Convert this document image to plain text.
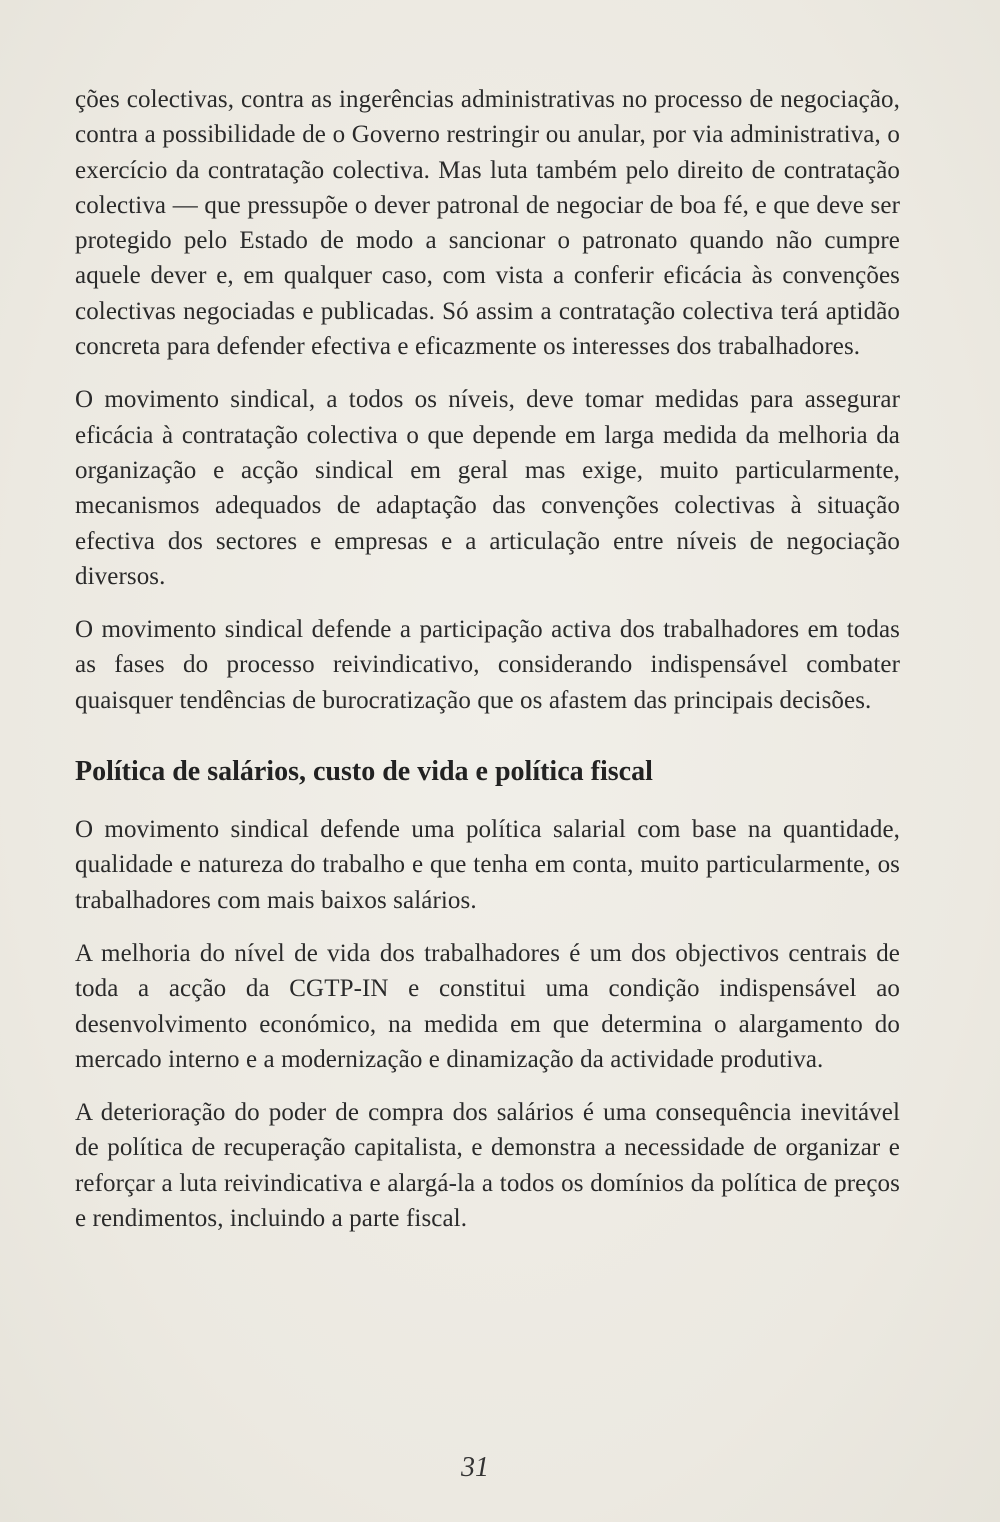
ções colectivas, contra as ingerências administrativas no processo de negociação, contra a possibilidade de o Governo restringir ou anular, por via administrativa, o exercício da contratação colectiva. Mas luta também pelo direito de contratação colectiva — que pressupõe o dever patronal de negociar de boa fé, e que deve ser protegido pelo Estado de modo a sancionar o patronato quando não cumpre aquele dever e, em qualquer caso, com vista a conferir eficácia às convenções colectivas negociadas e publicadas. Só assim a contratação colectiva terá aptidão concreta para defender efectiva e eficazmente os interesses dos trabalhadores.

O movimento sindical, a todos os níveis, deve tomar medidas para assegurar eficácia à contratação colectiva o que depende em larga medida da melhoria da organização e acção sindical em geral mas exige, muito particularmente, mecanismos adequados de adaptação das convenções colectivas à situação efectiva dos sectores e empresas e a articulação entre níveis de negociação diversos.

O movimento sindical defende a participação activa dos trabalhadores em todas as fases do processo reivindicativo, considerando indispensável combater quaisquer tendências de burocratização que os afastem das principais decisões.

Política de salários, custo de vida e política fiscal

O movimento sindical defende uma política salarial com base na quantidade, qualidade e natureza do trabalho e que tenha em conta, muito particularmente, os trabalhadores com mais baixos salários.

A melhoria do nível de vida dos trabalhadores é um dos objectivos centrais de toda a acção da CGTP-IN e constitui uma condição indispensável ao desenvolvimento económico, na medida em que determina o alargamento do mercado interno e a modernização e dinamização da actividade produtiva.

A deterioração do poder de compra dos salários é uma consequência inevitável de política de recuperação capitalista, e demonstra a necessidade de organizar e reforçar a luta reivindicativa e alargá-la a todos os domínios da política de preços e rendimentos, incluindo a parte fiscal.

31
